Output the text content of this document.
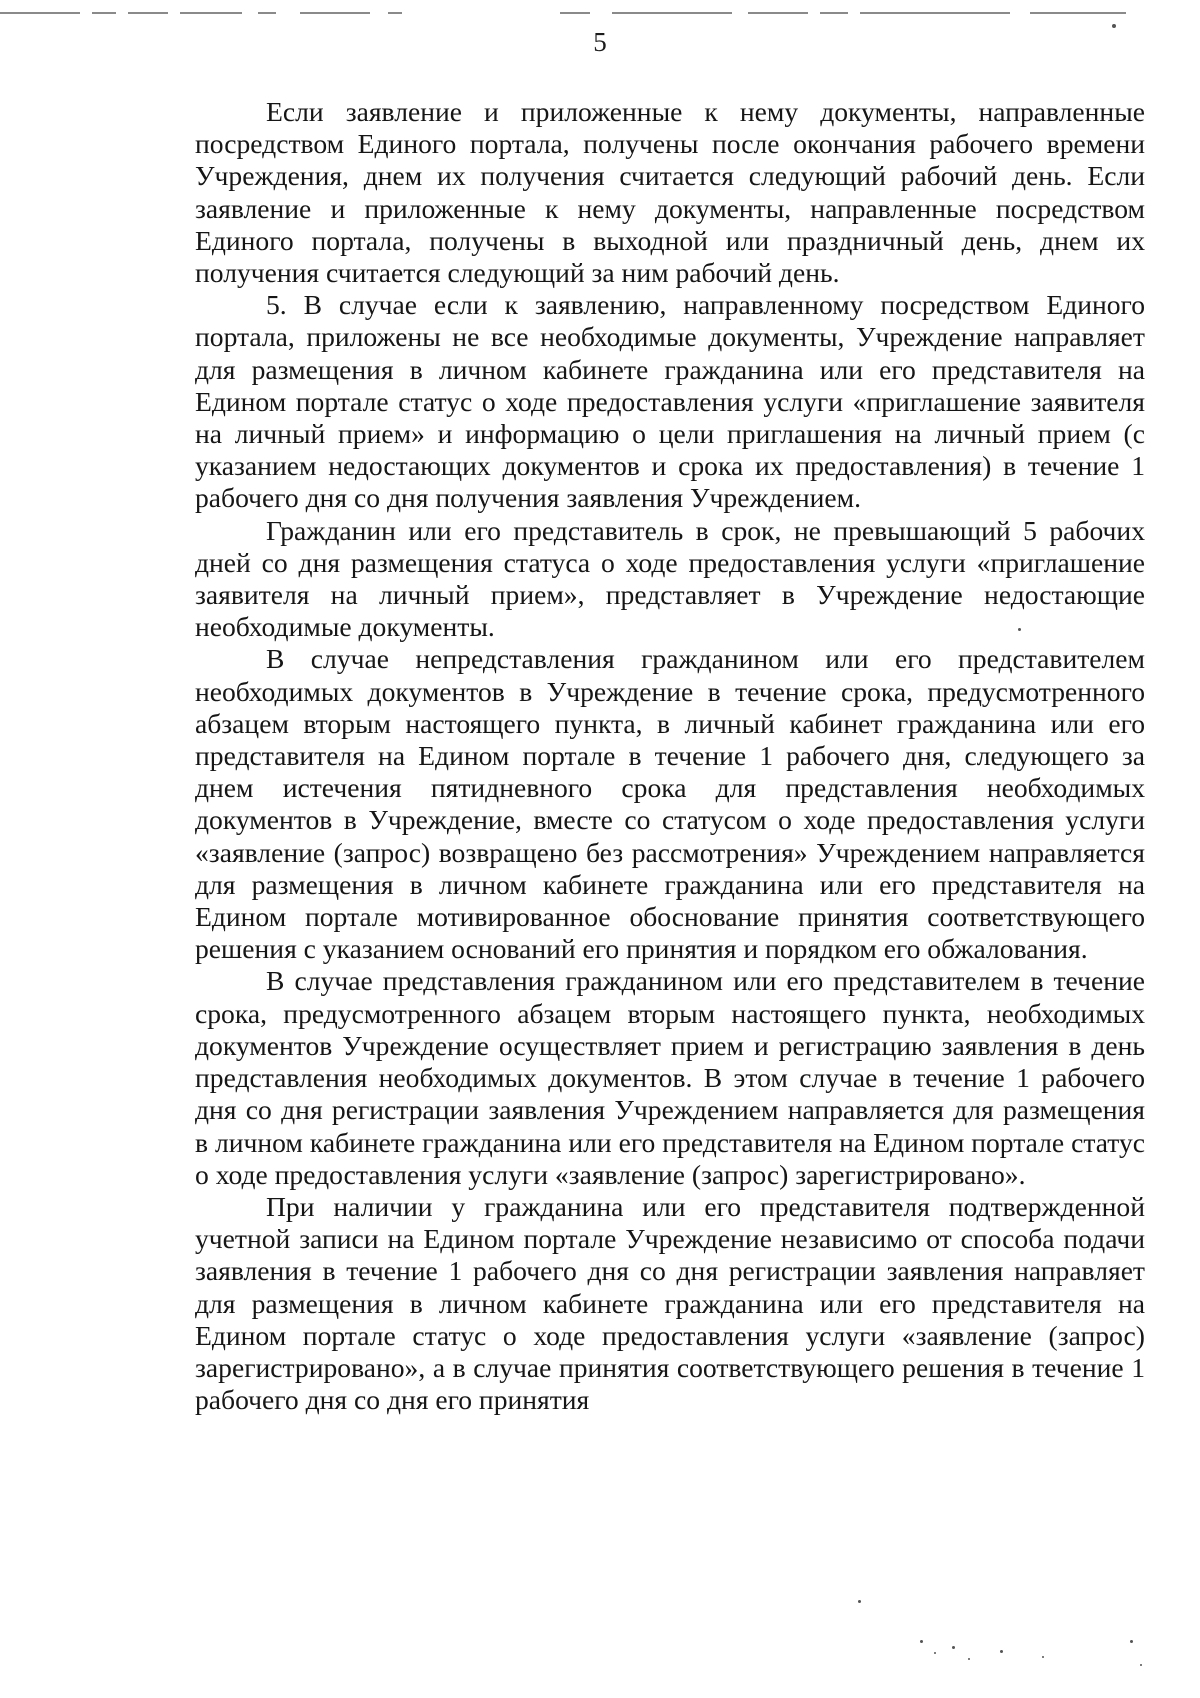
5

Если заявление и приложенные к нему документы, направленные посредством Единого портала, получены после окончания рабочего времени Учреждения, днем их получения считается следующий рабочий день. Если заявление и приложенные к нему документы, направленные посредством Единого портала, получены в выходной или праздничный день, днем их получения считается следующий за ним рабочий день.

5. В случае если к заявлению, направленному посредством Единого портала, приложены не все необходимые документы, Учреждение направляет для размещения в личном кабинете гражданина или его представителя на Едином портале статус о ходе предоставления услуги «приглашение заявителя на личный прием» и информацию о цели приглашения на личный прием (с указанием недостающих документов и срока их предоставления) в течение 1 рабочего дня со дня получения заявления Учреждением.

Гражданин или его представитель в срок, не превышающий 5 рабочих дней со дня размещения статуса о ходе предоставления услуги «приглашение заявителя на личный прием», представляет в Учреждение недостающие необходимые документы.

В случае непредставления гражданином или его представителем необходимых документов в Учреждение в течение срока, предусмотренного абзацем вторым настоящего пункта, в личный кабинет гражданина или его представителя на Едином портале в течение 1 рабочего дня, следующего за днем истечения пятидневного срока для представления необходимых документов в Учреждение, вместе со статусом о ходе предоставления услуги «заявление (запрос) возвращено без рассмотрения» Учреждением направляется для размещения в личном кабинете гражданина или его представителя на Едином портале мотивированное обоснование принятия соответствующего решения с указанием оснований его принятия и порядком его обжалования.

В случае представления гражданином или его представителем в течение срока, предусмотренного абзацем вторым настоящего пункта, необходимых документов Учреждение осуществляет прием и регистрацию заявления в день представления необходимых документов. В этом случае в течение 1 рабочего дня со дня регистрации заявления Учреждением направляется для размещения в личном кабинете гражданина или его представителя на Едином портале статус о ходе предоставления услуги «заявление (запрос) зарегистрировано».

При наличии у гражданина или его представителя подтвержденной учетной записи на Едином портале Учреждение независимо от способа подачи заявления в течение 1 рабочего дня со дня регистрации заявления направляет для размещения в личном кабинете гражданина или его представителя на Едином портале статус о ходе предоставления услуги «заявление (запрос) зарегистрировано», а в случае принятия соответствующего решения в течение 1 рабочего дня со дня его принятия
